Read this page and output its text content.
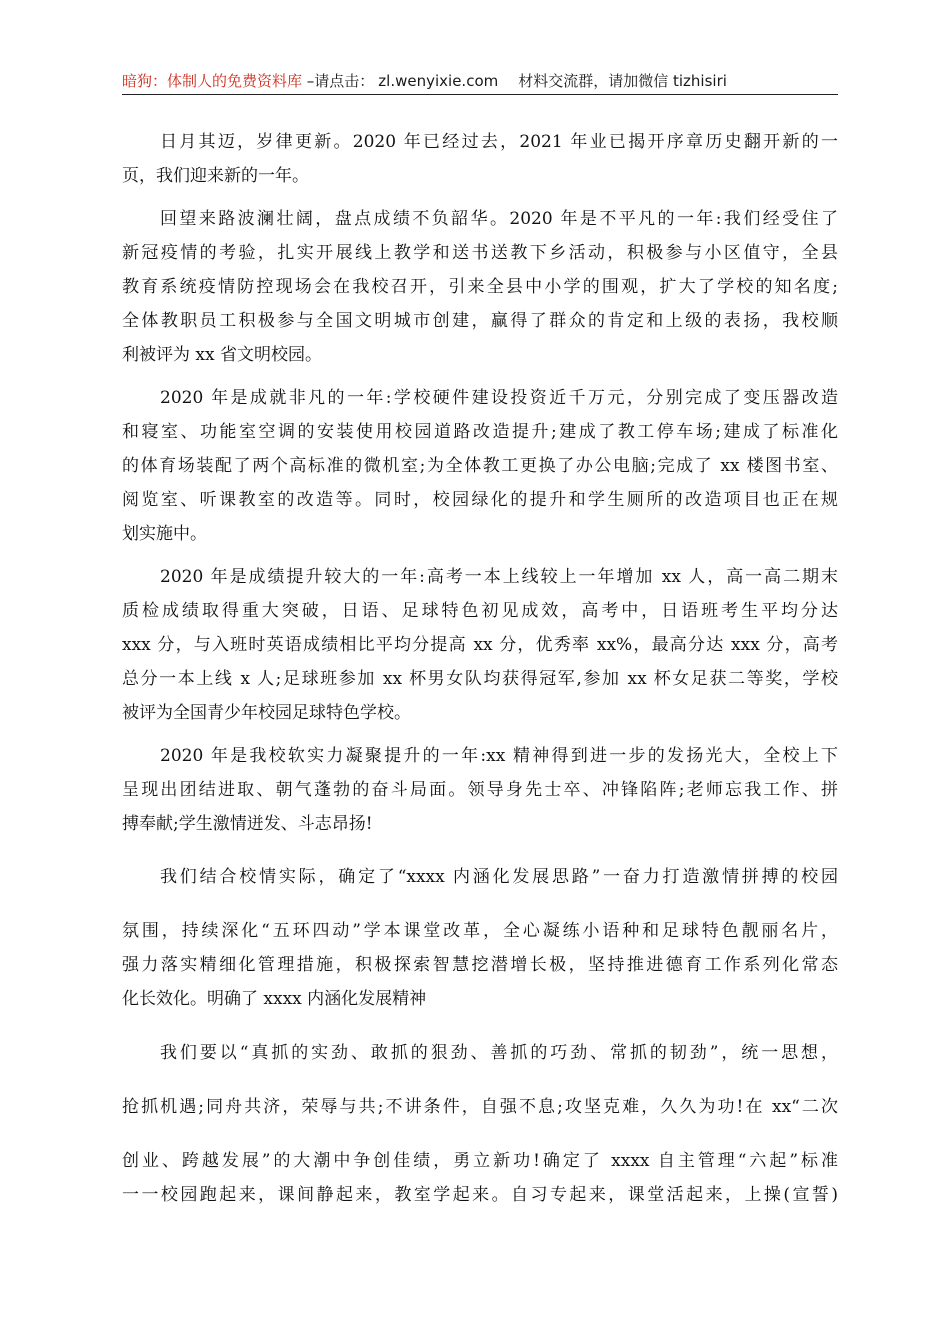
暗狗：体制人的免费资料库 –请点击： zl.wenyixie.com 材料交流群，请加微信 tizhisiri
日月其迈，岁律更新。2020 年已经过去，2021 年业已揭开序章历史翻开新的一
页，我们迎来新的一年。
回望来路波澜壮阔，盘点成绩不负韶华。2020 年是不平凡的一年:我们经受住了
新冠疫情的考验，扎实开展线上教学和送书送教下乡活动，积极参与小区值守，全县
教育系统疫情防控现场会在我校召开，引来全县中小学的围观，扩大了学校的知名度;
全体教职员工积极参与全国文明城市创建，赢得了群众的肯定和上级的表扬，我校顺
利被评为 xx 省文明校园。
2020 年是成就非凡的一年:学校硬件建设投资近千万元，分别完成了变压器改造
和寝室、功能室空调的安装使用校园道路改造提升;建成了教工停车场;建成了标准化
的体育场装配了两个高标准的微机室;为全体教工更换了办公电脑;完成了 xx 楼图书室、
阅览室、听课教室的改造等。同时，校园绿化的提升和学生厕所的改造项目也正在规
划实施中。
2020 年是成绩提升较大的一年:高考一本上线较上一年增加 xx 人，高一高二期末
质检成绩取得重大突破，日语、足球特色初见成效，高考中，日语班考生平均分达
xxx 分，与入班时英语成绩相比平均分提高 xx 分，优秀率 xx%，最高分达 xxx 分，高考
总分一本上线 x 人;足球班参加 xx 杯男女队均获得冠军,参加 xx 杯女足获二等奖，学校
被评为全国青少年校园足球特色学校。
2020 年是我校软实力凝聚提升的一年:xx 精神得到进一步的发扬光大，全校上下
呈现出团结进取、朝气蓬勃的奋斗局面。领导身先士卒、冲锋陷阵;老师忘我工作、拼
搏奉献;学生激情迸发、斗志昂扬!
我们结合校情实际，确定了“xxxx 内涵化发展思路”一奋力打造激情拼搏的校园
氛围，持续深化“五环四动”学本课堂改革，全心凝练小语种和足球特色靓丽名片，
强力落实精细化管理措施，积极探索智慧挖潜增长极，坚持推进德育工作系列化常态
化长效化。明确了 xxxx 内涵化发展精神
我们要以“真抓的实劲、敢抓的狠劲、善抓的巧劲、常抓的韧劲”，统一思想，
抢抓机遇;同舟共济，荣辱与共;不讲条件，自强不息;攻坚克难，久久为功!在 xx“二次
创业、跨越发展”的大潮中争创佳绩，勇立新功!确定了 xxxx 自主管理“六起”标准
一一校园跑起来，课间静起来，教室学起来。自习专起来，课堂活起来，上操(宣誓)
